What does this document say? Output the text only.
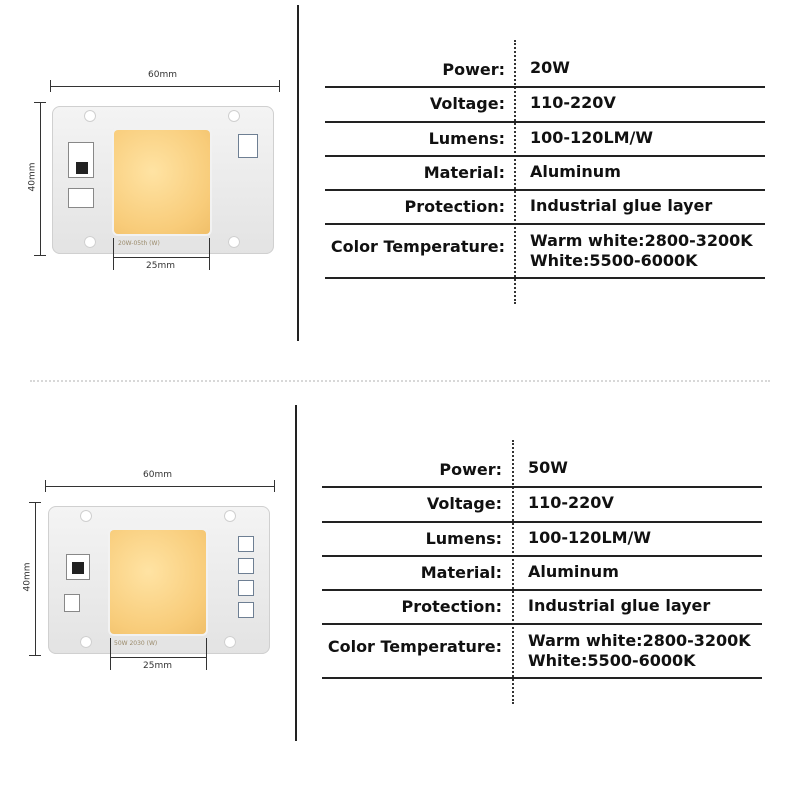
60mm
40mm
20W-05th (W)
25mm
Power: 20W
Voltage: 110-220V
Lumens: 100-120LM/W
Material: Aluminum
Protection: Industrial glue layer
Color Temperature: Warm white:2800-3200K
White:5500-6000K
60mm
40mm
50W 2030 (W)
25mm
Power: 50W
Voltage: 110-220V
Lumens: 100-120LM/W
Material: Aluminum
Protection: Industrial glue layer
Color Temperature: Warm white:2800-3200K
White:5500-6000K
